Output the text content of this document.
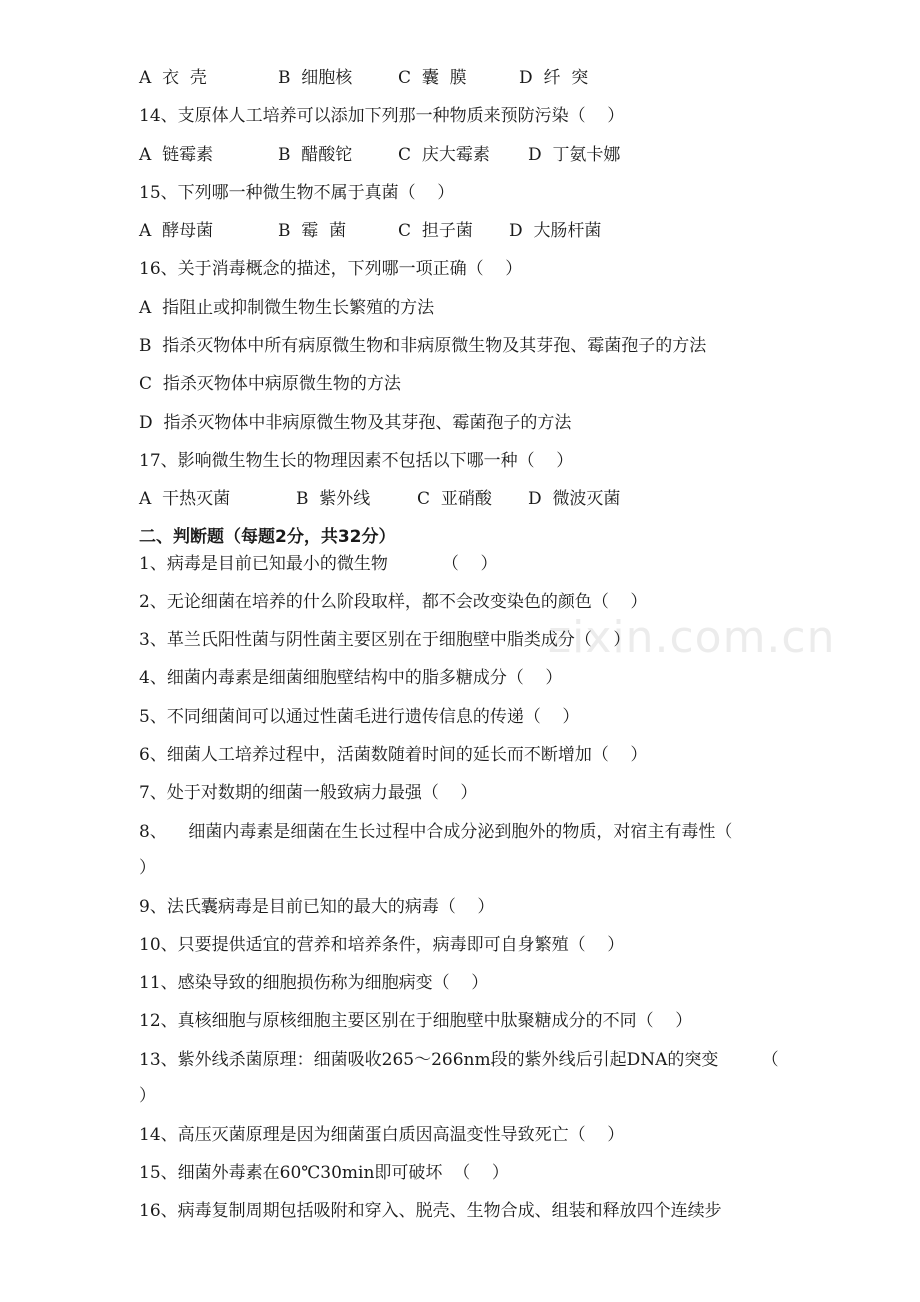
zixin.com.cn
A  衣  壳	B  细胞核	C  囊  膜	D  纤  突
14、支原体人工培养可以添加下列那一种物质来预防污染（    ）
A  链霉素	B  醋酸铊	C  庆大霉素	D  丁氨卡娜
15、下列哪一种微生物不属于真菌（    ）
A  酵母菌	B  霉  菌	C  担子菌	D  大肠杆菌
16、关于消毒概念的描述，下列哪一项正确（    ）
A  指阻止或抑制微生物生长繁殖的方法
B  指杀灭物体中所有病原微生物和非病原微生物及其芽孢、霉菌孢子的方法
C  指杀灭物体中病原微生物的方法
D  指杀灭物体中非病原微生物及其芽孢、霉菌孢子的方法
17、影响微生物生长的物理因素不包括以下哪一种（    ）
A  干热灭菌	B  紫外线	C  亚硝酸	D  微波灭菌
二、判断题（每题2分，共32分）
1、病毒是目前已知最小的微生物          （    ）
2、无论细菌在培养的什么阶段取样，都不会改变染色的颜色（    ）
3、革兰氏阳性菌与阴性菌主要区别在于细胞壁中脂类成分（    ）
4、细菌内毒素是细菌细胞壁结构中的脂多糖成分（    ）
5、不同细菌间可以通过性菌毛进行遗传信息的传递（    ）
6、细菌人工培养过程中，活菌数随着时间的延长而不断增加（    ）
7、处于对数期的细菌一般致病力最强（    ）
8、    细菌内毒素是细菌在生长过程中合成分泌到胞外的物质，对宿主有毒性（
）
9、法氏囊病毒是目前已知的最大的病毒（    ）
10、只要提供适宜的营养和培养条件，病毒即可自身繁殖（    ）
11、感染导致的细胞损伤称为细胞病变（    ）
12、真核细胞与原核细胞主要区别在于细胞壁中肽聚糖成分的不同（    ）
13、紫外线杀菌原理：细菌吸收265～266nm段的紫外线后引起DNA的突变        （
）
14、高压灭菌原理是因为细菌蛋白质因高温变性导致死亡（    ）
15、细菌外毒素在60℃30min即可破坏  （    ）
16、病毒复制周期包括吸附和穿入、脱壳、生物合成、组装和释放四个连续步
